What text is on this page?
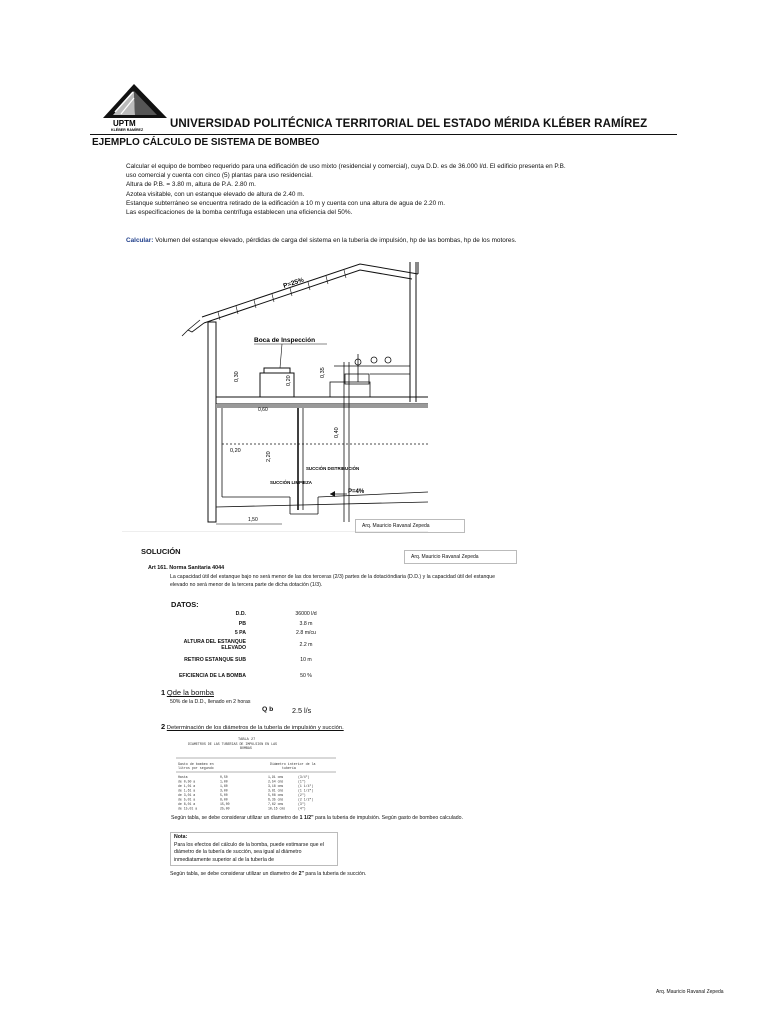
UPTM
KLÉBER RAMÍREZ UNIVERSIDAD POLITÉCNICA TERRITORIAL DEL ESTADO MÉRIDA KLÉBER RAMÍREZ
EJEMPLO CÁLCULO DE SISTEMA DE BOMBEO

Calcular el equipo de bombeo requerido para una edificación de uso mixto (residencial y comercial), cuya D.D. es de 36.000 l/d. El edificio presenta en P.B.

uso comercial y cuenta con cinco (5) plantas para uso residencial.

Altura de P.B. = 3.80 m, altura de P.A. 2.80 m.

Azotea visitable, con un estanque elevado de altura de 2.40 m.

Estanque subterráneo se encuentra retirado de la edificación a 10 m y cuenta con una altura de agua de 2.20 m.

Las especificaciones de la bomba centrífuga establecen una eficiencia del 50%.

Calcular: Volumen del estanque elevado, pérdidas de carga del sistema en la tubería de impulsión, hp de las bombas, hp de los motores.
P=25%
Boca de Inspección
0,30	0,20
0,35
0,60
0,40
0,20
2,20
SUCCIÓN DISTRIBUCIÓN
SUCCIÓN LIMPIEZA
P=4%
1,50
Arq. Mauricio Ravanal Zepeda
Arq. Mauricio Ravanal Zepeda
SOLUCIÓN
Art 161. Norma Sanitaria 4044
La capacidad útil del estanque bajo no será menor de las dos terceras (2/3) partes de la dotacióndiaria (D.D.) y la capacidad útil del estanque elevado no será menor de la tercera parte de dicha dotación (1/3).
DATOS:
D.D.	36000 l/d
PB	3.8 m
5 PA	2.8 m/cu
ALTURA DEL ESTANQUE ELEVADO	2.2 m
RETIRO ESTANQUE SUB	10 m
EFICIENCIA DE LA BOMBA	50 %
1 Qde la bomba
50% de la D.D., llenado en 2 horas
Q b	2.5 l/s
2 Determinación de los diámetros de la tubería de impulsión y succión.
TABLA 27
DIAMETROS DE LAS TUBERIAS DE IMPULSION EN LAS
BOMBAS
Gasto de bombeo en
litros por segundo
Diámetro interior de la
tubería
Hasta	0,50	1,91 cms	(3/4")
de 0,50 a	1,00	2,54 cms	(1")
de 1,01 a	1,60	3,18 cms	(1 1/4")
de 1,61 a	3,00	3,81 cms	(1 1/2")
de 3,01 a	5,00	5,08 cms	(2")
de 5,01 a	8,00	6,35 cms	(2 1/2")
de 8,01 a	15,00	7,62 cms	(3")
de 15,01 a	25,00	10,16 cms	(4")
Según tabla, se debe considerar utilizar un diametro de 1 1/2" para la tuberia de impulsión. Según gasto de bombeo calculado.
Nota:
Para los efectos del cálculo de la bomba, puede estimarse que el diámetro de la tubería de succión, sea igual al diámetro inmediatamente superior al de la tubería de
Según tabla, se debe considerar utilizar un diametro de 2" para la tuberia de succión.
Arq. Mauricio Ravanal Zepeda
